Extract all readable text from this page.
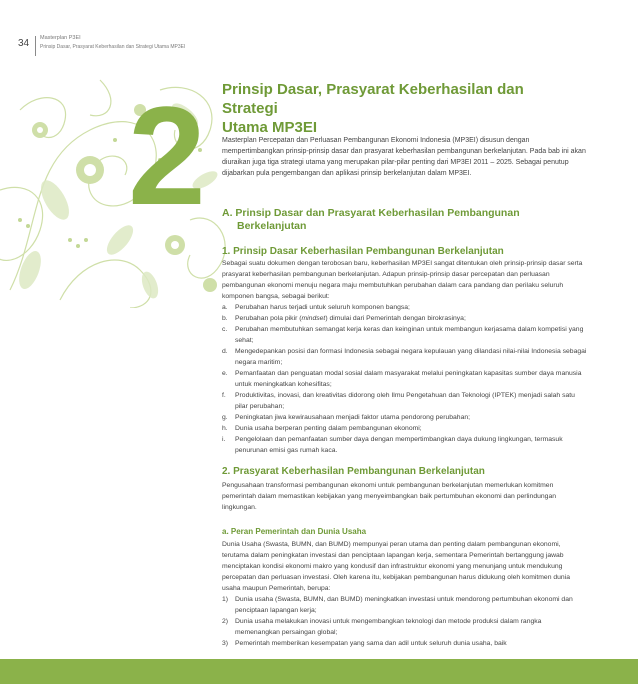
34 Masterplan P3EI
Prinsip Dasar, Prasyarat Keberhasilan dan Strategi Utama MP3EI
2 Prinsip Dasar, Prasyarat Keberhasilan dan Strategi
Utama MP3EI
Masterplan Percepatan dan Perluasan Pembangunan Ekonomi Indonesia (MP3EI) disusun dengan mempertimbangkan prinsip-prinsip dasar dan prasyarat keberhasilan pembangunan berkelanjutan. Pada bab ini akan diuraikan juga tiga strategi utama yang merupakan pilar-pilar penting dari MP3EI 2011 – 2025. Sebagai penutup dijabarkan pula pengembangan dan aplikasi prinsip berkelanjutan dalam MP3EI.
A. Prinsip Dasar dan Prasyarat Keberhasilan Pembangunan
Berkelanjutan
1. Prinsip Dasar Keberhasilan Pembangunan Berkelanjutan
Sebagai suatu dokumen dengan terobosan baru, keberhasilan MP3EI sangat ditentukan oleh prinsip-prinsip dasar serta prasyarat keberhasilan pembangunan berkelanjutan. Adapun prinsip-prinsip dasar percepatan dan perluasan pembangunan ekonomi menuju negara maju membutuhkan perubahan dalam cara pandang dan perilaku seluruh komponen bangsa, sebagai berikut:
a. Perubahan harus terjadi untuk seluruh komponen bangsa;
b. Perubahan pola pikir (mindset) dimulai dari Pemerintah dengan birokrasinya;
c. Perubahan membutuhkan semangat kerja keras dan keinginan untuk membangun kerjasama dalam kompetisi yang sehat;
d. Mengedepankan posisi dan formasi Indonesia sebagai negara kepulauan yang dilandasi nilai-nilai Indonesia sebagai negara maritim;
e. Pemanfaatan dan penguatan modal sosial dalam masyarakat melalui peningkatan kapasitas sumber daya manusia untuk meningkatkan kohesifitas;
f. Produktivitas, inovasi, dan kreativitas didorong oleh Ilmu Pengetahuan dan Teknologi (IPTEK) menjadi salah satu pilar perubahan;
g. Peningkatan jiwa kewirausahaan menjadi faktor utama pendorong perubahan;
h. Dunia usaha berperan penting dalam pembangunan ekonomi;
i. Pengelolaan dan pemanfaatan sumber daya dengan mempertimbangkan daya dukung lingkungan, termasuk penurunan emisi gas rumah kaca.
2. Prasyarat Keberhasilan Pembangunan Berkelanjutan
Pengusahaan transformasi pembangunan ekonomi untuk pembangunan berkelanjutan memerlukan komitmen pemerintah dalam memastikan kebijakan yang menyeimbangkan baik pertumbuhan ekonomi dan perlindungan lingkungan.
a. Peran Pemerintah dan Dunia Usaha
Dunia Usaha (Swasta, BUMN, dan BUMD) mempunyai peran utama dan penting dalam pembangunan ekonomi, terutama dalam peningkatan investasi dan penciptaan lapangan kerja, sementara Pemerintah bertanggung jawab menciptakan kondisi ekonomi makro yang kondusif dan infrastruktur ekonomi yang menunjang untuk mendukung percepatan dan perluasan investasi. Oleh karena itu, kebijakan pembangunan harus didukung oleh komitmen dunia usaha maupun Pemerintah, berupa:
1) Dunia usaha (Swasta, BUMN, dan BUMD) meningkatkan investasi untuk mendorong pertumbuhan ekonomi dan penciptaan lapangan kerja;
2) Dunia usaha melakukan inovasi untuk mengembangkan teknologi dan metode produksi dalam rangka memenangkan persaingan global;
3) Pemerintah memberikan kesempatan yang sama dan adil untuk seluruh dunia usaha, baik
